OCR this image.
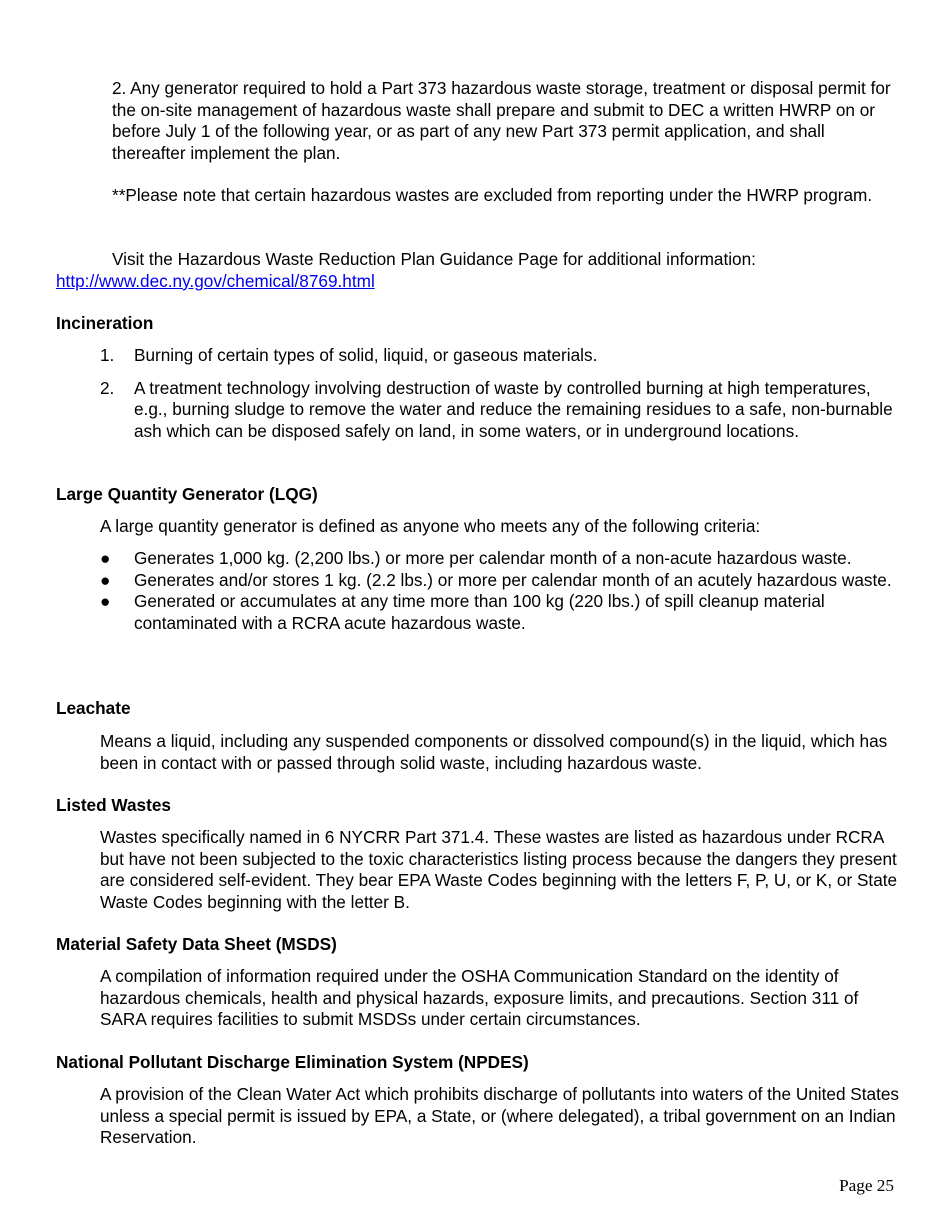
2. Any generator required to hold a Part 373 hazardous waste storage, treatment or disposal permit for the on-site management of hazardous waste shall prepare and submit to DEC a written HWRP on or before July 1 of the following year, or as part of any new Part 373 permit application, and shall thereafter implement the plan.

**Please note that certain hazardous wastes are excluded from reporting under the HWRP program.

Visit the Hazardous Waste Reduction Plan Guidance Page for additional information:
http://www.dec.ny.gov/chemical/8769.html

Incineration
1. Burning of certain types of solid, liquid, or gaseous materials.
2. A treatment technology involving destruction of waste by controlled burning at high temperatures, e.g., burning sludge to remove the water and reduce the remaining residues to a safe, non-burnable ash which can be disposed safely on land, in some waters, or in underground locations.
Large Quantity Generator (LQG)

A large quantity generator is defined as anyone who meets any of the following criteria:

● Generates 1,000 kg. (2,200 lbs.) or more per calendar month of a non-acute hazardous waste.
● Generates and/or stores 1 kg. (2.2 lbs.) or more per calendar month of an acutely hazardous waste.
● Generated or accumulates at any time more than 100 kg (220 lbs.) of spill cleanup material contaminated with a RCRA acute hazardous waste.
Leachate

Means a liquid, including any suspended components or dissolved compound(s) in the liquid, which has been in contact with or passed through solid waste, including hazardous waste.

Listed Wastes

Wastes specifically named in 6 NYCRR Part 371.4. These wastes are listed as hazardous under RCRA but have not been subjected to the toxic characteristics listing process because the dangers they present are considered self-evident. They bear EPA Waste Codes beginning with the letters F, P, U, or K, or State Waste Codes beginning with the letter B.

Material Safety Data Sheet (MSDS)

A compilation of information required under the OSHA Communication Standard on the identity of hazardous chemicals, health and physical hazards, exposure limits, and precautions. Section 311 of SARA requires facilities to submit MSDSs under certain circumstances.

National Pollutant Discharge Elimination System (NPDES)

A provision of the Clean Water Act which prohibits discharge of pollutants into waters of the United States unless a special permit is issued by EPA, a State, or (where delegated), a tribal government on an Indian Reservation.

Page 25
